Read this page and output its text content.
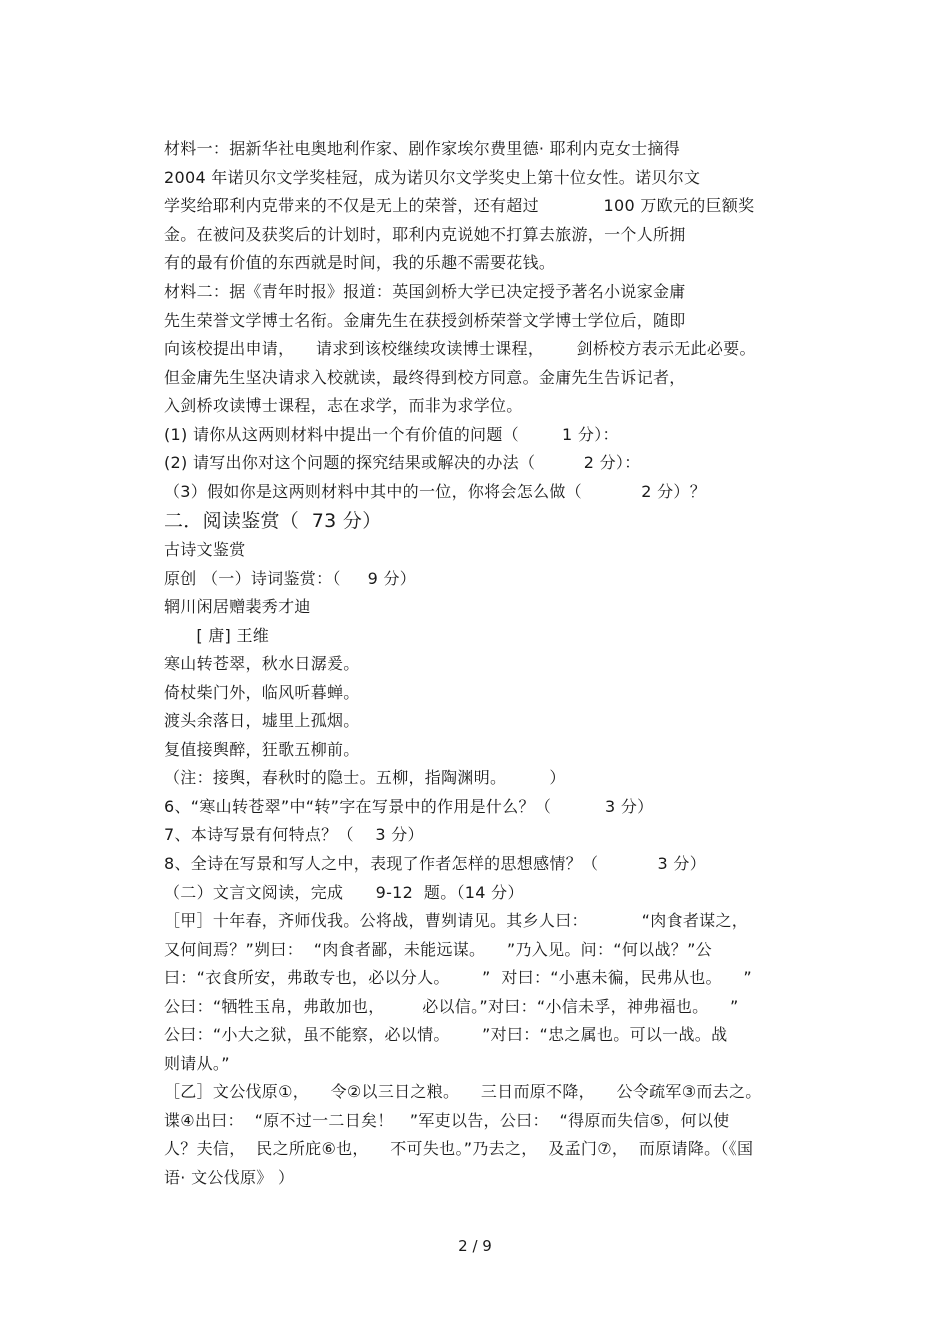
材料一：据新华社电奥地利作家、剧作家埃尔费里德· 耶利内克女士摘得
2004 年诺贝尔文学奖桂冠，成为诺贝尔文学奖史上第十位女性。诺贝尔文
学奖给耶利内克带来的不仅是无上的荣誉，还有超过            100 万欧元的巨额奖
金。在被问及获奖后的计划时，耶利内克说她不打算去旅游，一个人所拥
有的最有价值的东西就是时间，我的乐趣不需要花钱。
材料二：据《青年时报》报道：英国剑桥大学已决定授予著名小说家金庸
先生荣誉文学博士名衔。金庸先生在获授剑桥荣誉文学博士学位后，随即
向该校提出申请，    请求到该校继续攻读博士课程，      剑桥校方表示无此必要。
但金庸先生坚决请求入校就读，最终得到校方同意。金庸先生告诉记者，
入剑桥攻读博士课程，志在求学，而非为求学位。
(1) 请你从这两则材料中提出一个有价值的问题（        1 分）：
(2) 请写出你对这个问题的探究结果或解决的办法（         2 分）：
（3）假如你是这两则材料中其中的一位，你将会怎么做（           2 分）？
二．阅读鉴赏（  73 分）
古诗文鉴赏
原创 （一）诗词鉴赏：（     9 分）
辋川闲居赠裴秀才迪
[ 唐] 王维
寒山转苍翠，秋水日潺爰。
倚杖柴门外，临风听暮蝉。
渡头余落日，墟里上孤烟。
复值接舆醉，狂歌五柳前。
（注：接舆，春秋时的隐士。五柳，指陶渊明。        ）
6、“寒山转苍翠”中“转”字在写景中的作用是什么？（          3 分）
7、本诗写景有何特点？（    3 分）
8、全诗在写景和写人之中，表现了作者怎样的思想感情？（           3 分）
（二）文言文阅读，完成      9-12  题。（14 分）
［甲］十年春，齐师伐我。公将战，曹刿请见。其乡人曰：          “肉食者谋之，
又何间焉？”刿曰：  “肉食者鄙，未能远谋。    ”乃入见。问：“何以战？”公
曰：“衣食所安，弗敢专也，必以分人。      ”  对曰：“小惠未徧，民弗从也。    ”
公曰：“牺牲玉帛，弗敢加也，       必以信。”对曰：“小信未孚，神弗福也。    ”
公曰：“小大之狱，虽不能察，必以情。      ”对曰：“忠之属也。可以一战。战
则请从。”
［乙］文公伐原①，    令②以三日之粮。    三日而原不降，    公令疏军③而去之。
谍④出曰：  “原不过一二日矣！   ”军吏以告，公曰：  “得原而失信⑤，何以使
人？夫信，  民之所庇⑥也，    不可失也。”乃去之，  及孟门⑦，  而原请降。（《国
语· 文公伐原》 ）
2 / 9
